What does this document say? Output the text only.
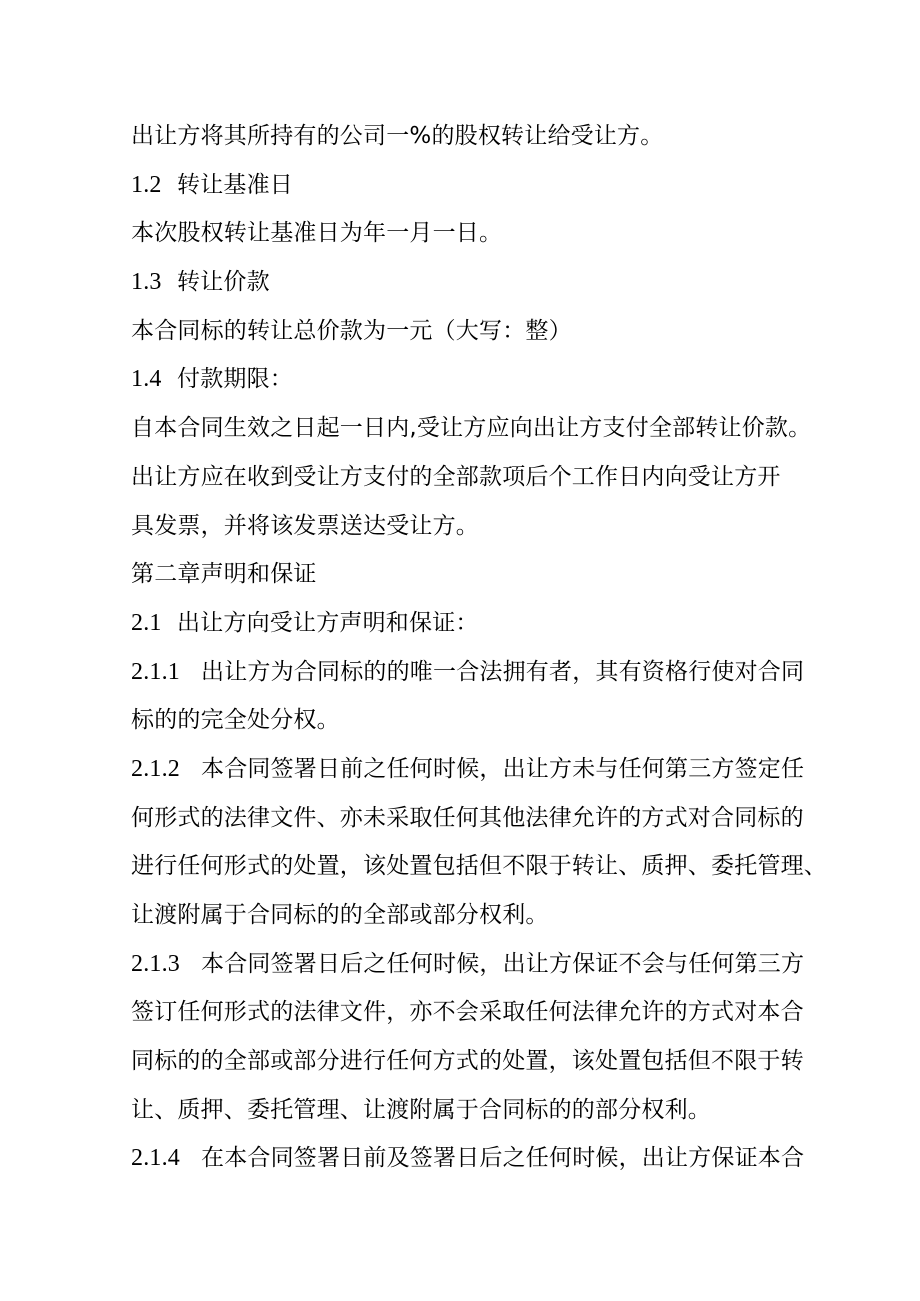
出让方将其所持有的公司一%的股权转让给受让方。
1.2 转让基准日
本次股权转让基准日为年一月一日。
1.3 转让价款
本合同标的转让总价款为一元（大写：整）
1.4 付款期限：
自本合同生效之日起一日内,受让方应向出让方支付全部转让价款。
出让方应在收到受让方支付的全部款项后个工作日内向受让方开
具发票，并将该发票送达受让方。
第二章声明和保证
2.1 出让方向受让方声明和保证：
2.1.1 出让方为合同标的的唯一合法拥有者，其有资格行使对合同
标的的完全处分权。
2.1.2 本合同签署日前之任何时候，出让方未与任何第三方签定任
何形式的法律文件、亦未采取任何其他法律允许的方式对合同标的
进行任何形式的处置，该处置包括但不限于转让、质押、委托管理、
让渡附属于合同标的的全部或部分权利。
2.1.3 本合同签署日后之任何时候，出让方保证不会与任何第三方
签订任何形式的法律文件，亦不会采取任何法律允许的方式对本合
同标的的全部或部分进行任何方式的处置，该处置包括但不限于转
让、质押、委托管理、让渡附属于合同标的的部分权利。
2.1.4 在本合同签署日前及签署日后之任何时候，出让方保证本合
